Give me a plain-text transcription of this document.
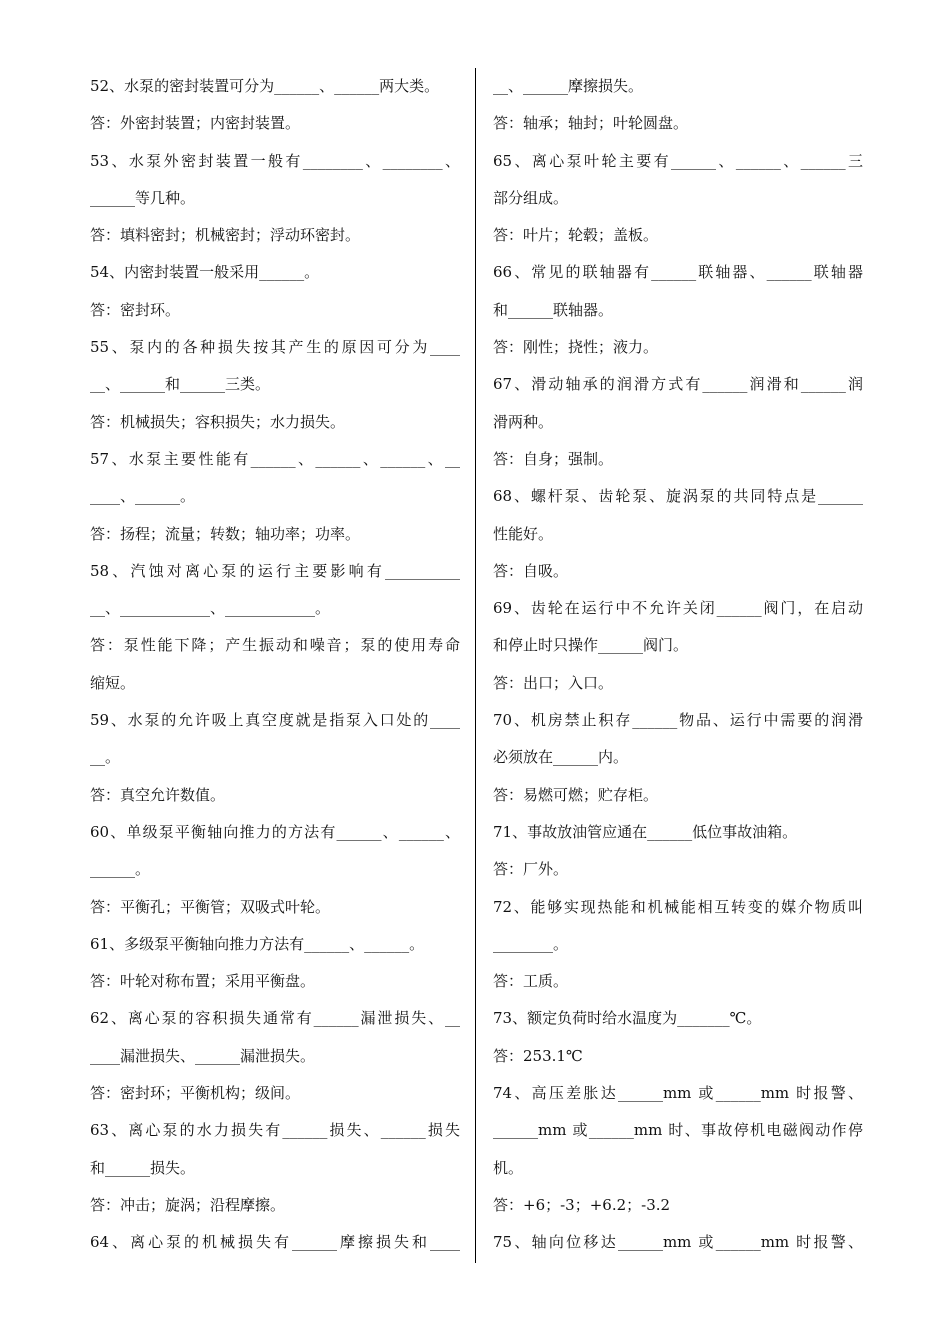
52、水泵的密封装置可分为______、______两大类。
答：外密封装置；内密封装置。
53、水泵外密封装置一般有________、________、
______等几种。
答：填料密封；机械密封；浮动环密封。
54、内密封装置一般采用______。
答：密封环。
55、泵内的各种损失按其产生的原因可分为____
__、______和______三类。
答：机械损失；容积损失；水力损失。
57、水泵主要性能有______、______、______、__
____、______。
答：扬程；流量；转数；轴功率；功率。
58、汽蚀对离心泵的运行主要影响有__________
__、____________、____________。
答：泵性能下降；产生振动和噪音；泵的使用寿命
缩短。
59、水泵的允许吸上真空度就是指泵入口处的____
__。
答：真空允许数值。
60、单级泵平衡轴向推力的方法有______、______、
______。
答：平衡孔；平衡管；双吸式叶轮。
61、多级泵平衡轴向推力方法有______、______。
答：叶轮对称布置；采用平衡盘。
62、离心泵的容积损失通常有______漏泄损失、__
____漏泄损失、______漏泄损失。
答：密封环；平衡机构；级间。
63、离心泵的水力损失有______损失、______损失
和______损失。
答：冲击；旋涡；沿程摩擦。
64、离心泵的机械损失有______摩擦损失和____
__、______摩擦损失。
答：轴承；轴封；叶轮圆盘。
65、离心泵叶轮主要有______、______、______三
部分组成。
答：叶片；轮毂；盖板。
66、常见的联轴器有______联轴器、______联轴器
和______联轴器。
答：刚性；挠性；液力。
67、滑动轴承的润滑方式有______润滑和______润
滑两种。
答：自身；强制。
68、螺杆泵、齿轮泵、旋涡泵的共同特点是______
性能好。
答：自吸。
69、齿轮在运行中不允许关闭______阀门，在启动
和停止时只操作______阀门。
答：出口；入口。
70、机房禁止积存______物品、运行中需要的润滑
必须放在______内。
答：易燃可燃；贮存柜。
71、事故放油管应通在______低位事故油箱。
答：厂外。
72、能够实现热能和机械能相互转变的媒介物质叫
________。
答：工质。
73、额定负荷时给水温度为_______℃。
答：253.1℃
74、高压差胀达______mm 或______mm 时报警、
______mm 或______mm 时、事故停机电磁阀动作停
机。
答：+6；-3；+6.2；-3.2
75、轴向位移达______mm 或______mm 时报警、
